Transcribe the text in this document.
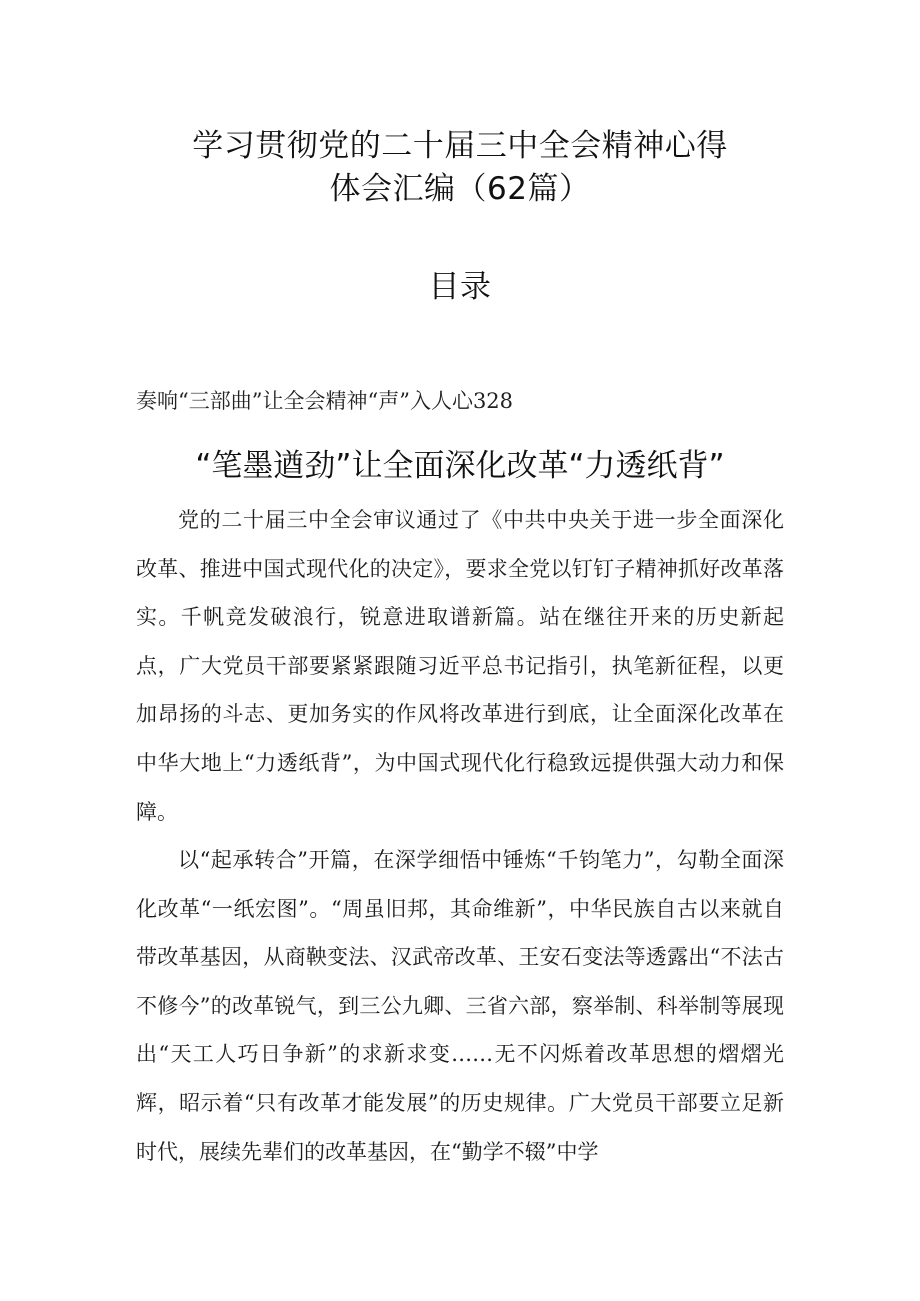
学习贯彻党的二十届三中全会精神心得
体会汇编（62篇）
目录
奏响“三部曲”让全会精神“声”入人心328
“笔墨遒劲”让全面深化改革“力透纸背”

党的二十届三中全会审议通过了《中共中央关于进一步全面深化改革、推进中国式现代化的决定》，要求全党以钉钉子精神抓好改革落实。千帆竞发破浪行，锐意进取谱新篇。站在继往开来的历史新起点，广大党员干部要紧紧跟随习近平总书记指引，执笔新征程，以更加昂扬的斗志、更加务实的作风将改革进行到底，让全面深化改革在中华大地上“力透纸背”，为中国式现代化行稳致远提供强大动力和保障。

以“起承转合”开篇，在深学细悟中锤炼“千钧笔力”，勾勒全面深化改革“一纸宏图”。“周虽旧邦，其命维新”，中华民族自古以来就自带改革基因，从商鞅变法、汉武帝改革、王安石变法等透露出“不法古不修今”的改革锐气，到三公九卿、三省六部，察举制、科举制等展现出“天工人巧日争新”的求新求变……无不闪烁着改革思想的熠熠光辉，昭示着“只有改革才能发展”的历史规律。广大党员干部要立足新时代，展续先辈们的改革基因，在“勤学不辍”中学
